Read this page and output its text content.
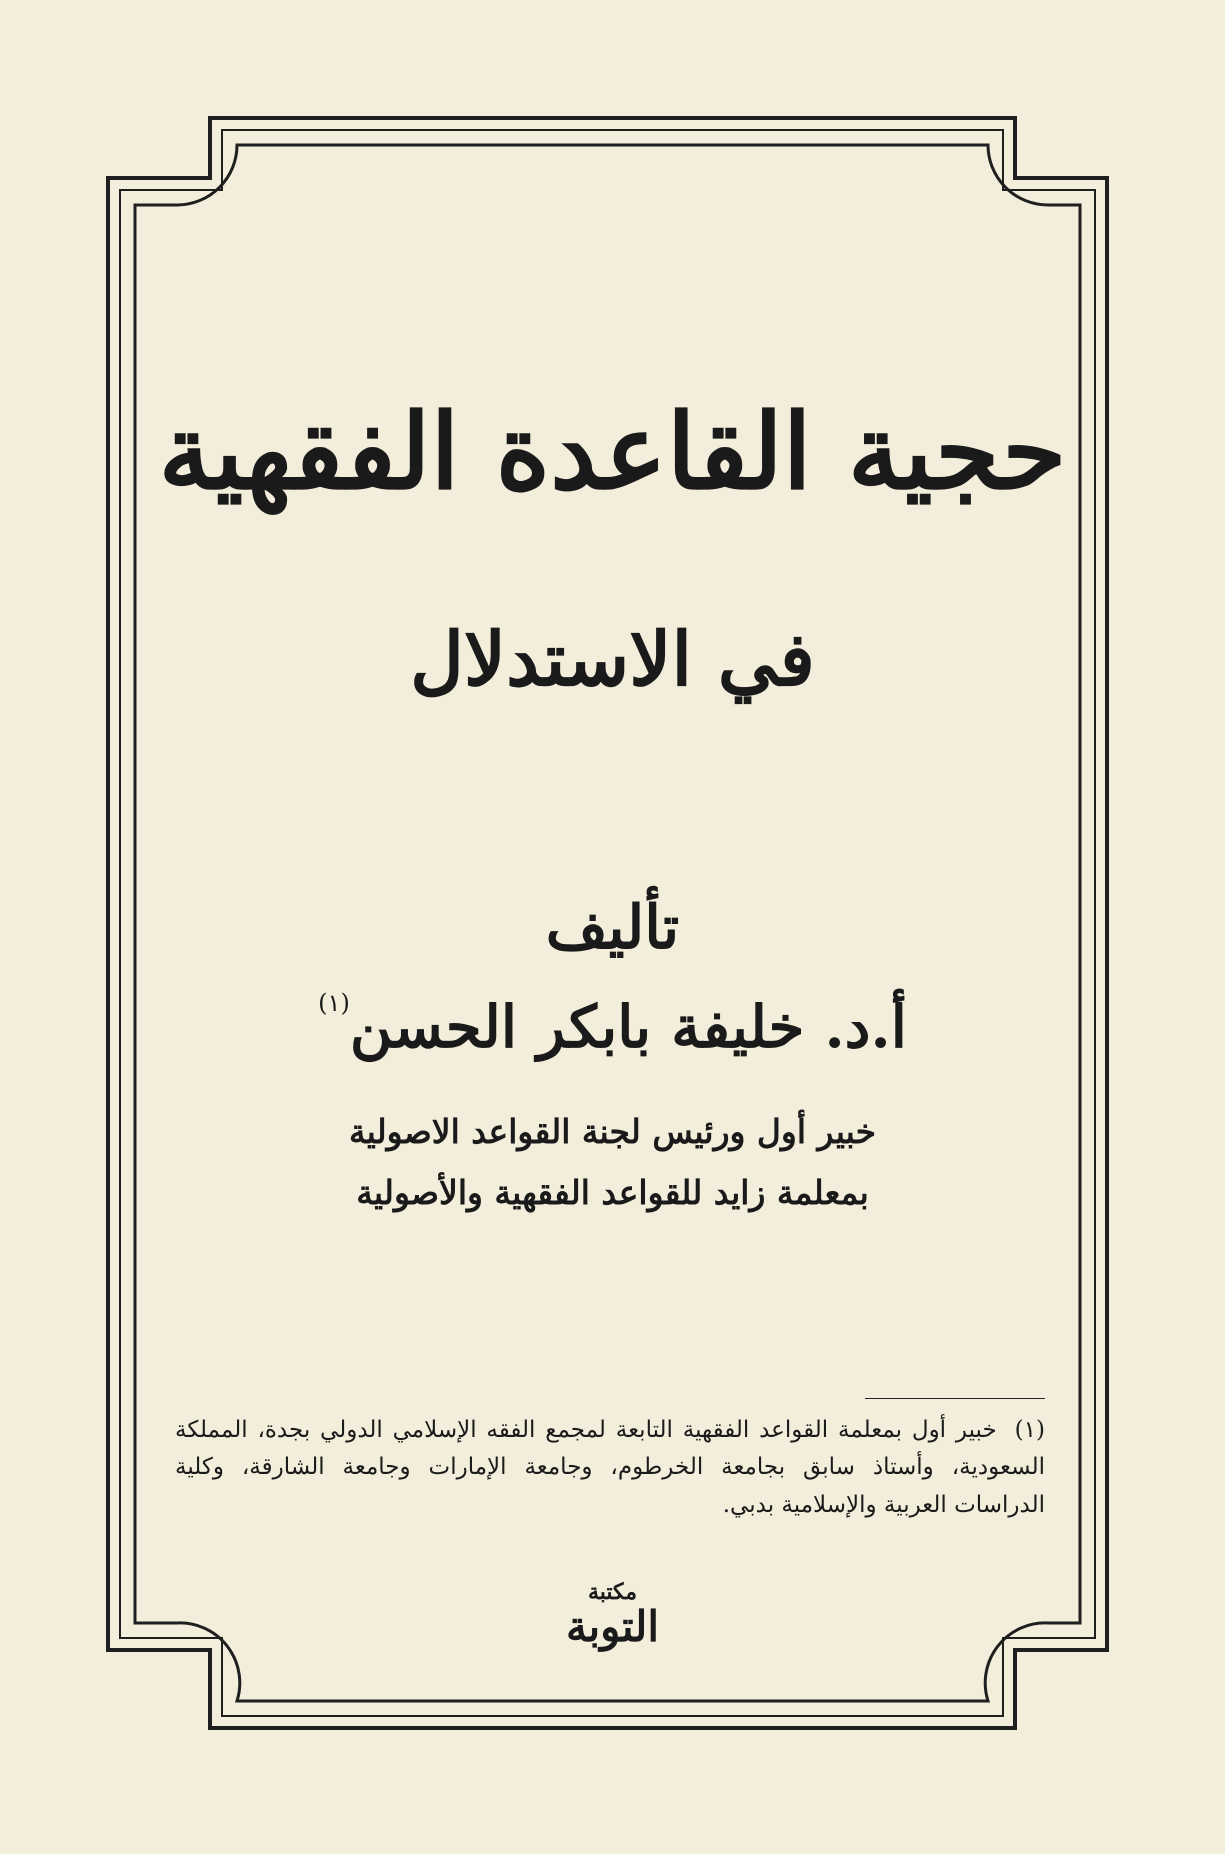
حجية القاعدة الفقهية
في الاستدلال
تأليف
أ.د. خليفة بابكر الحسن$^{(١)}$
خبير أول ورئيس لجنة القواعد الاصولية
بمعلمة زايد للقواعد الفقهية والأصولية
(١)خبير أول بمعلمة القواعد الفقهية التابعة لمجمع الفقه الإسلامي الدولي بجدة، المملكة السعودية، وأستاذ سابق بجامعة الخرطوم، وجامعة الإمارات وجامعة الشارقة، وكلية الدراسات العربية والإسلامية بدبي.
مكتبة
التوبة
